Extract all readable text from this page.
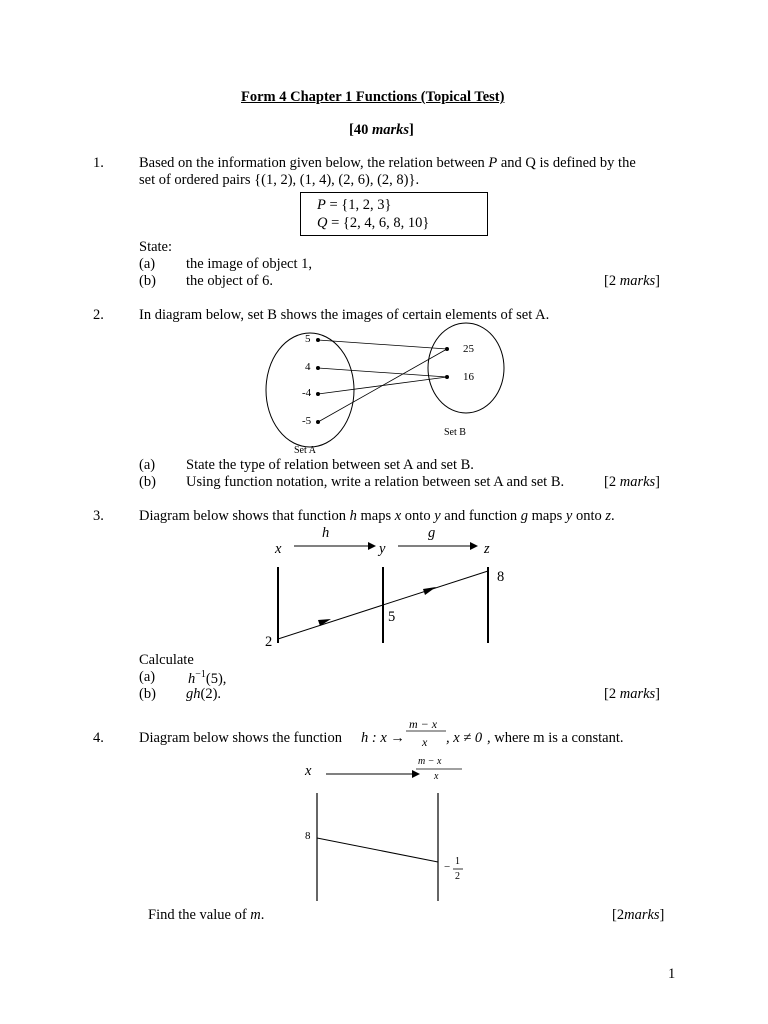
Form 4 Chapter 1 Functions (Topical Test)
[40 marks]
1. Based on the information given below, the relation between P and Q is defined by the
set of ordered pairs {(1, 2), (1, 4), (2, 6), (2, 8)}.
P = {1, 2, 3}
Q = {2, 4, 6, 8, 10}
State:
(a) the image of object 1,
(b) the object of 6.	[2 marks]
2. In diagram below, set B shows the images of certain elements of set A.
5
4
-4
-5
25
16
Set A
Set B
(a) State the type of relation between set A and set B.
(b) Using function notation, write a relation between set A and set B.	[2 marks]
3. Diagram below shows that function h maps x onto y and function g maps y onto z.
h	g
x	y	z
8
5
2
Calculate
(a) $h^{-1}(5)$,
(b) gh(2).	[2 marks]
4. Diagram below shows the function h : x →
m − x
x , x ≠ 0 , where m is a constant.
x
m − x
x
8
− 1
2
Find the value of m.	[2marks]
1
